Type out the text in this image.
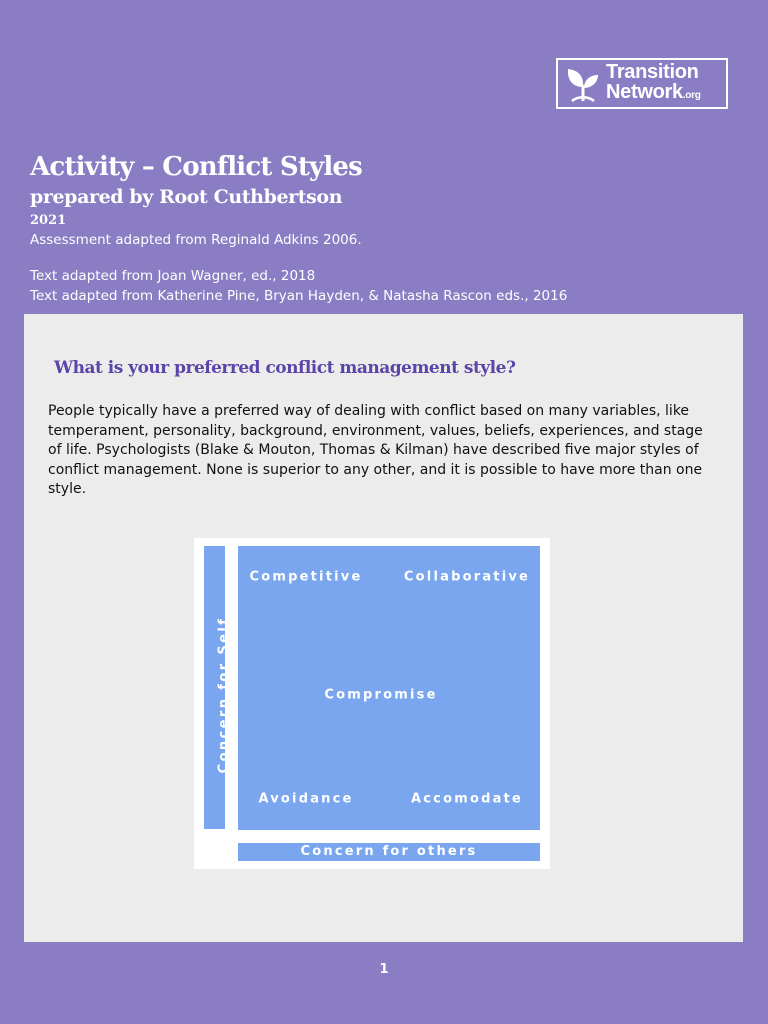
Transition
Network.org
Activity – Conflict Styles
prepared by Root Cuthbertson
2021
Assessment adapted from Reginald Adkins 2006.
Text adapted from Joan Wagner, ed., 2018
Text adapted from Katherine Pine, Bryan Hayden, & Natasha Rascon eds., 2016
What is your preferred conflict management style?

People typically have a preferred way of dealing with conflict based on many variables, like temperament, personality, background, environment, values, beliefs, experiences, and stage of life. Psychologists (Blake & Mouton, Thomas & Kilman) have described five major styles of conflict management. None is superior to any other, and it is possible to have more than one style.

Concern for Self
Competitive	Collaborative
Compromise
Avoidance	Accomodate
Concern for others
1
